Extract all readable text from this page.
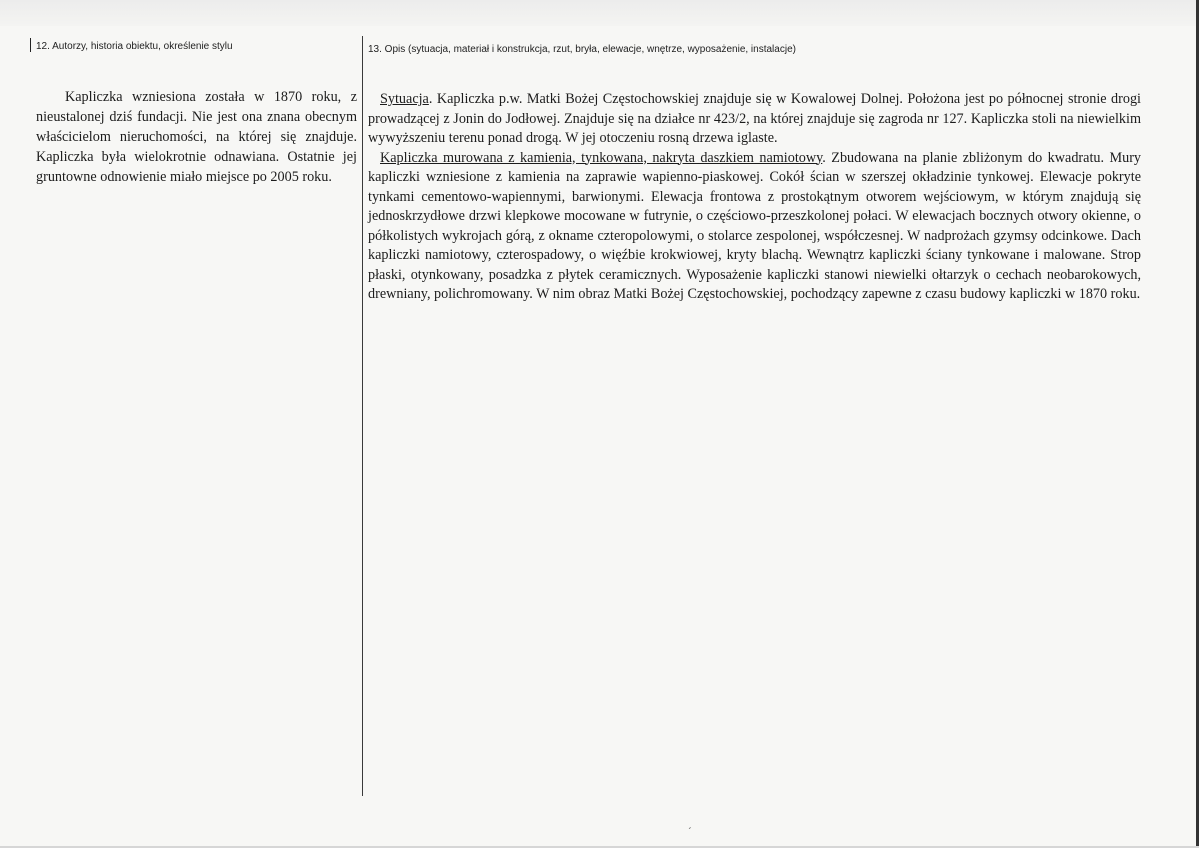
12. Autorzy, historia obiektu, określenie stylu	13. Opis (sytuacja, materiał i konstrukcja, rzut, bryła, elewacje, wnętrze, wyposażenie, instalacje)

Kapliczka wzniesiona została w 1870 roku, z nieustalonej dziś fundacji. Nie jest ona znana obecnym właścicielom nieruchomości, na której się znajduje. Kapliczka była wielokrotnie odnawiana. Ostatnie jej gruntowne odnowienie miało miejsce po 2005 roku.

Sytuacja. Kapliczka p.w. Matki Bożej Częstochowskiej znajduje się w Kowalowej Dolnej. Położona jest po północnej stronie drogi prowadzącej z Jonin do Jodłowej. Znajduje się na działce nr 423/2, na której znajduje się zagroda nr 127. Kapliczka stoli na niewielkim wywyższeniu terenu ponad drogą. W jej otoczeniu rosną drzewa iglaste.

Kapliczka murowana z kamienia, tynkowana, nakryta daszkiem namiotowy. Zbudowana na planie zbliżonym do kwadratu. Mury kapliczki wzniesione z kamienia na zaprawie wapienno-piaskowej. Cokół ścian w szerszej okładzinie tynkowej. Elewacje pokryte tynkami cementowo-wapiennymi, barwionymi. Elewacja frontowa z prostokątnym otworem wejściowym, w którym znajdują się jednoskrzydłowe drzwi klepkowe mocowane w futrynie, o częściowo-przeszkolonej połaci. W elewacjach bocznych otwory okienne, o półkolistych wykrojach górą, z okname czteropolowymi, o stolarce zespolonej, współczesnej. W nadprożach gzymsy odcinkowe. Dach kapliczki namiotowy, czterospadowy, o więźbie krokwiowej, kryty blachą. Wewnątrz kapliczki ściany tynkowane i malowane. Strop płaski, otynkowany, posadzka z płytek ceramicznych. Wyposażenie kapliczki stanowi niewielki ołtarzyk o cechach neobarokowych, drewniany, polichromowany. W nim obraz Matki Bożej Częstochowskiej, pochodzący zapewne z czasu budowy kapliczki w 1870 roku.

´
